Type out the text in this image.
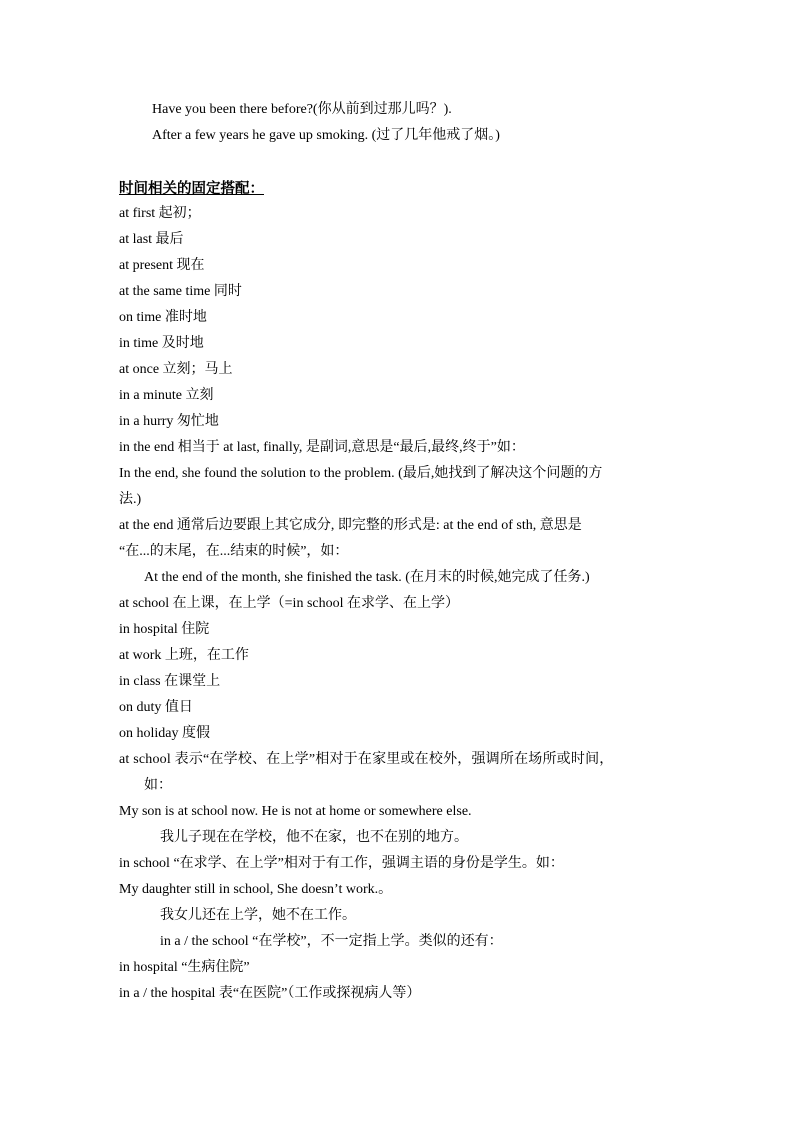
Have you been there before?(你从前到过那儿吗？).
After a few years he gave up smoking. (过了几年他戒了烟。)
时间相关的固定搭配：
at first 起初；
at last 最后
at present 现在
at the same time 同时
on time 准时地
in time 及时地
at once 立刻；马上
in a minute 立刻
in a hurry 匆忙地
in the end 相当于 at last, finally, 是副词,意思是“最后,最终,终于”如：
In the end, she found the solution to the problem. (最后,她找到了解决这个问题的方
法.)
at the end 通常后边要跟上其它成分, 即完整的形式是: at the end of sth, 意思是
“在...的末尾，在...结束的时候”，如：
At the end of the month, she finished the task. (在月末的时候,她完成了任务.)
at school 在上课，在上学（=in school 在求学、在上学）
in hospital 住院
at work 上班，在工作
in class 在课堂上
on duty 值日
on holiday 度假
at school 表示“在学校、在上学”相对于在家里或在校外，强调所在场所或时间，
如：
My son is at school now. He is not at home or somewhere else.
我儿子现在在学校，他不在家，也不在别的地方。
in school “在求学、在上学”相对于有工作，强调主语的身份是学生。如：
My daughter still in school, She doesn’t work.。
我女儿还在上学，她不在工作。
in a / the school “在学校”，不一定指上学。类似的还有：
in hospital “生病住院”
in a / the hospital 表“在医院”（工作或探视病人等）
